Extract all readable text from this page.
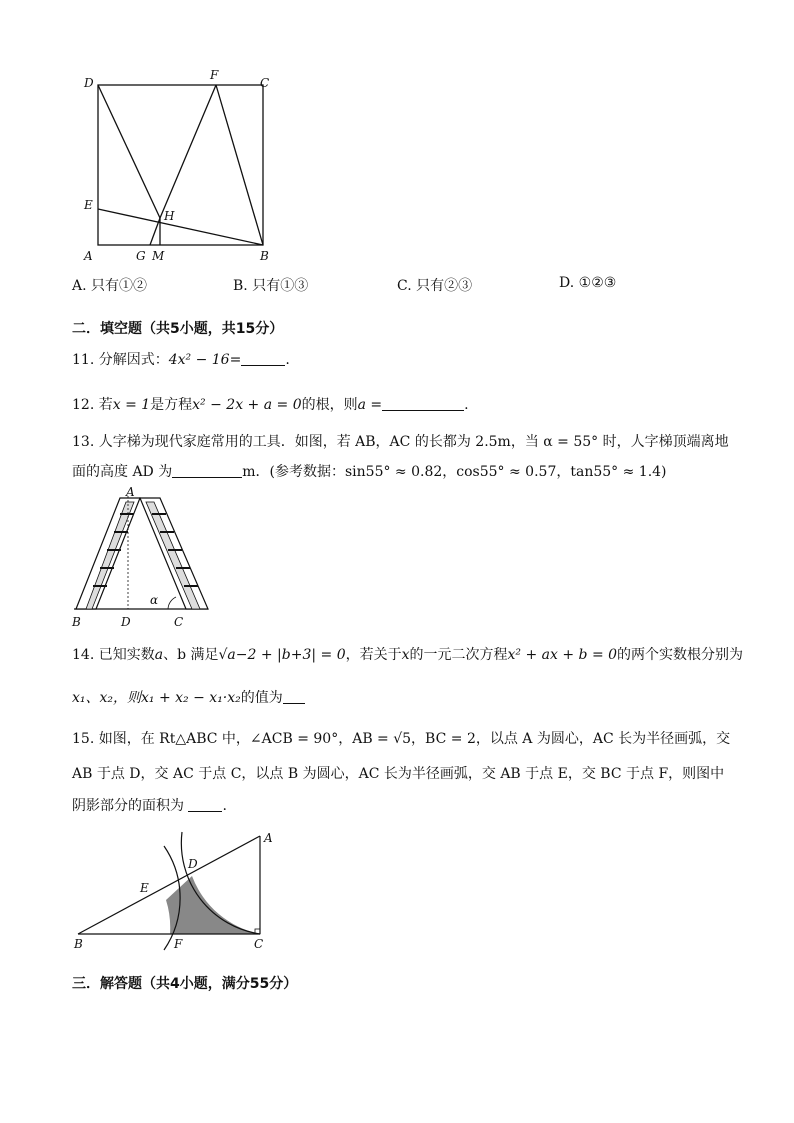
D
F
C
E
H
A	G M	B
A. 只有①②	B. 只有①③	C. 只有②③	D. ①②③
二．填空题（共5小题，共15分）
11. 分解因式：4x² − 16=	.
12. 若x = 1是方程x² − 2x + a = 0的根，则a =	.
13. 人字梯为现代家庭常用的工具．如图，若 AB，AC 的长都为 2.5m，当 α = 55° 时，人字梯顶端离地
面的高度 AD 为	m．(参考数据：sin55° ≈ 0.82，cos55° ≈ 0.57，tan55° ≈ 1.4)
A
B	D	C
α
14. 已知实数a、b 满足√a−2 + |b+3| = 0，若关于x的一元二次方程x² + ax + b = 0的两个实数根分别为
x₁、x₂，则x₁ + x₂ − x₁·x₂的值为
15. 如图，在 Rt△ABC 中，∠ACB = 90°，AB = √5，BC = 2，以点 A 为圆心，AC 长为半径画弧，交
AB 于点 D，交 AC 于点 C，以点 B 为圆心，AC 长为半径画弧，交 AB 于点 E，交 BC 于点 F，则图中
阴影部分的面积为	.
A
D
E
B	F	C
三．解答题（共4小题，满分55分）
